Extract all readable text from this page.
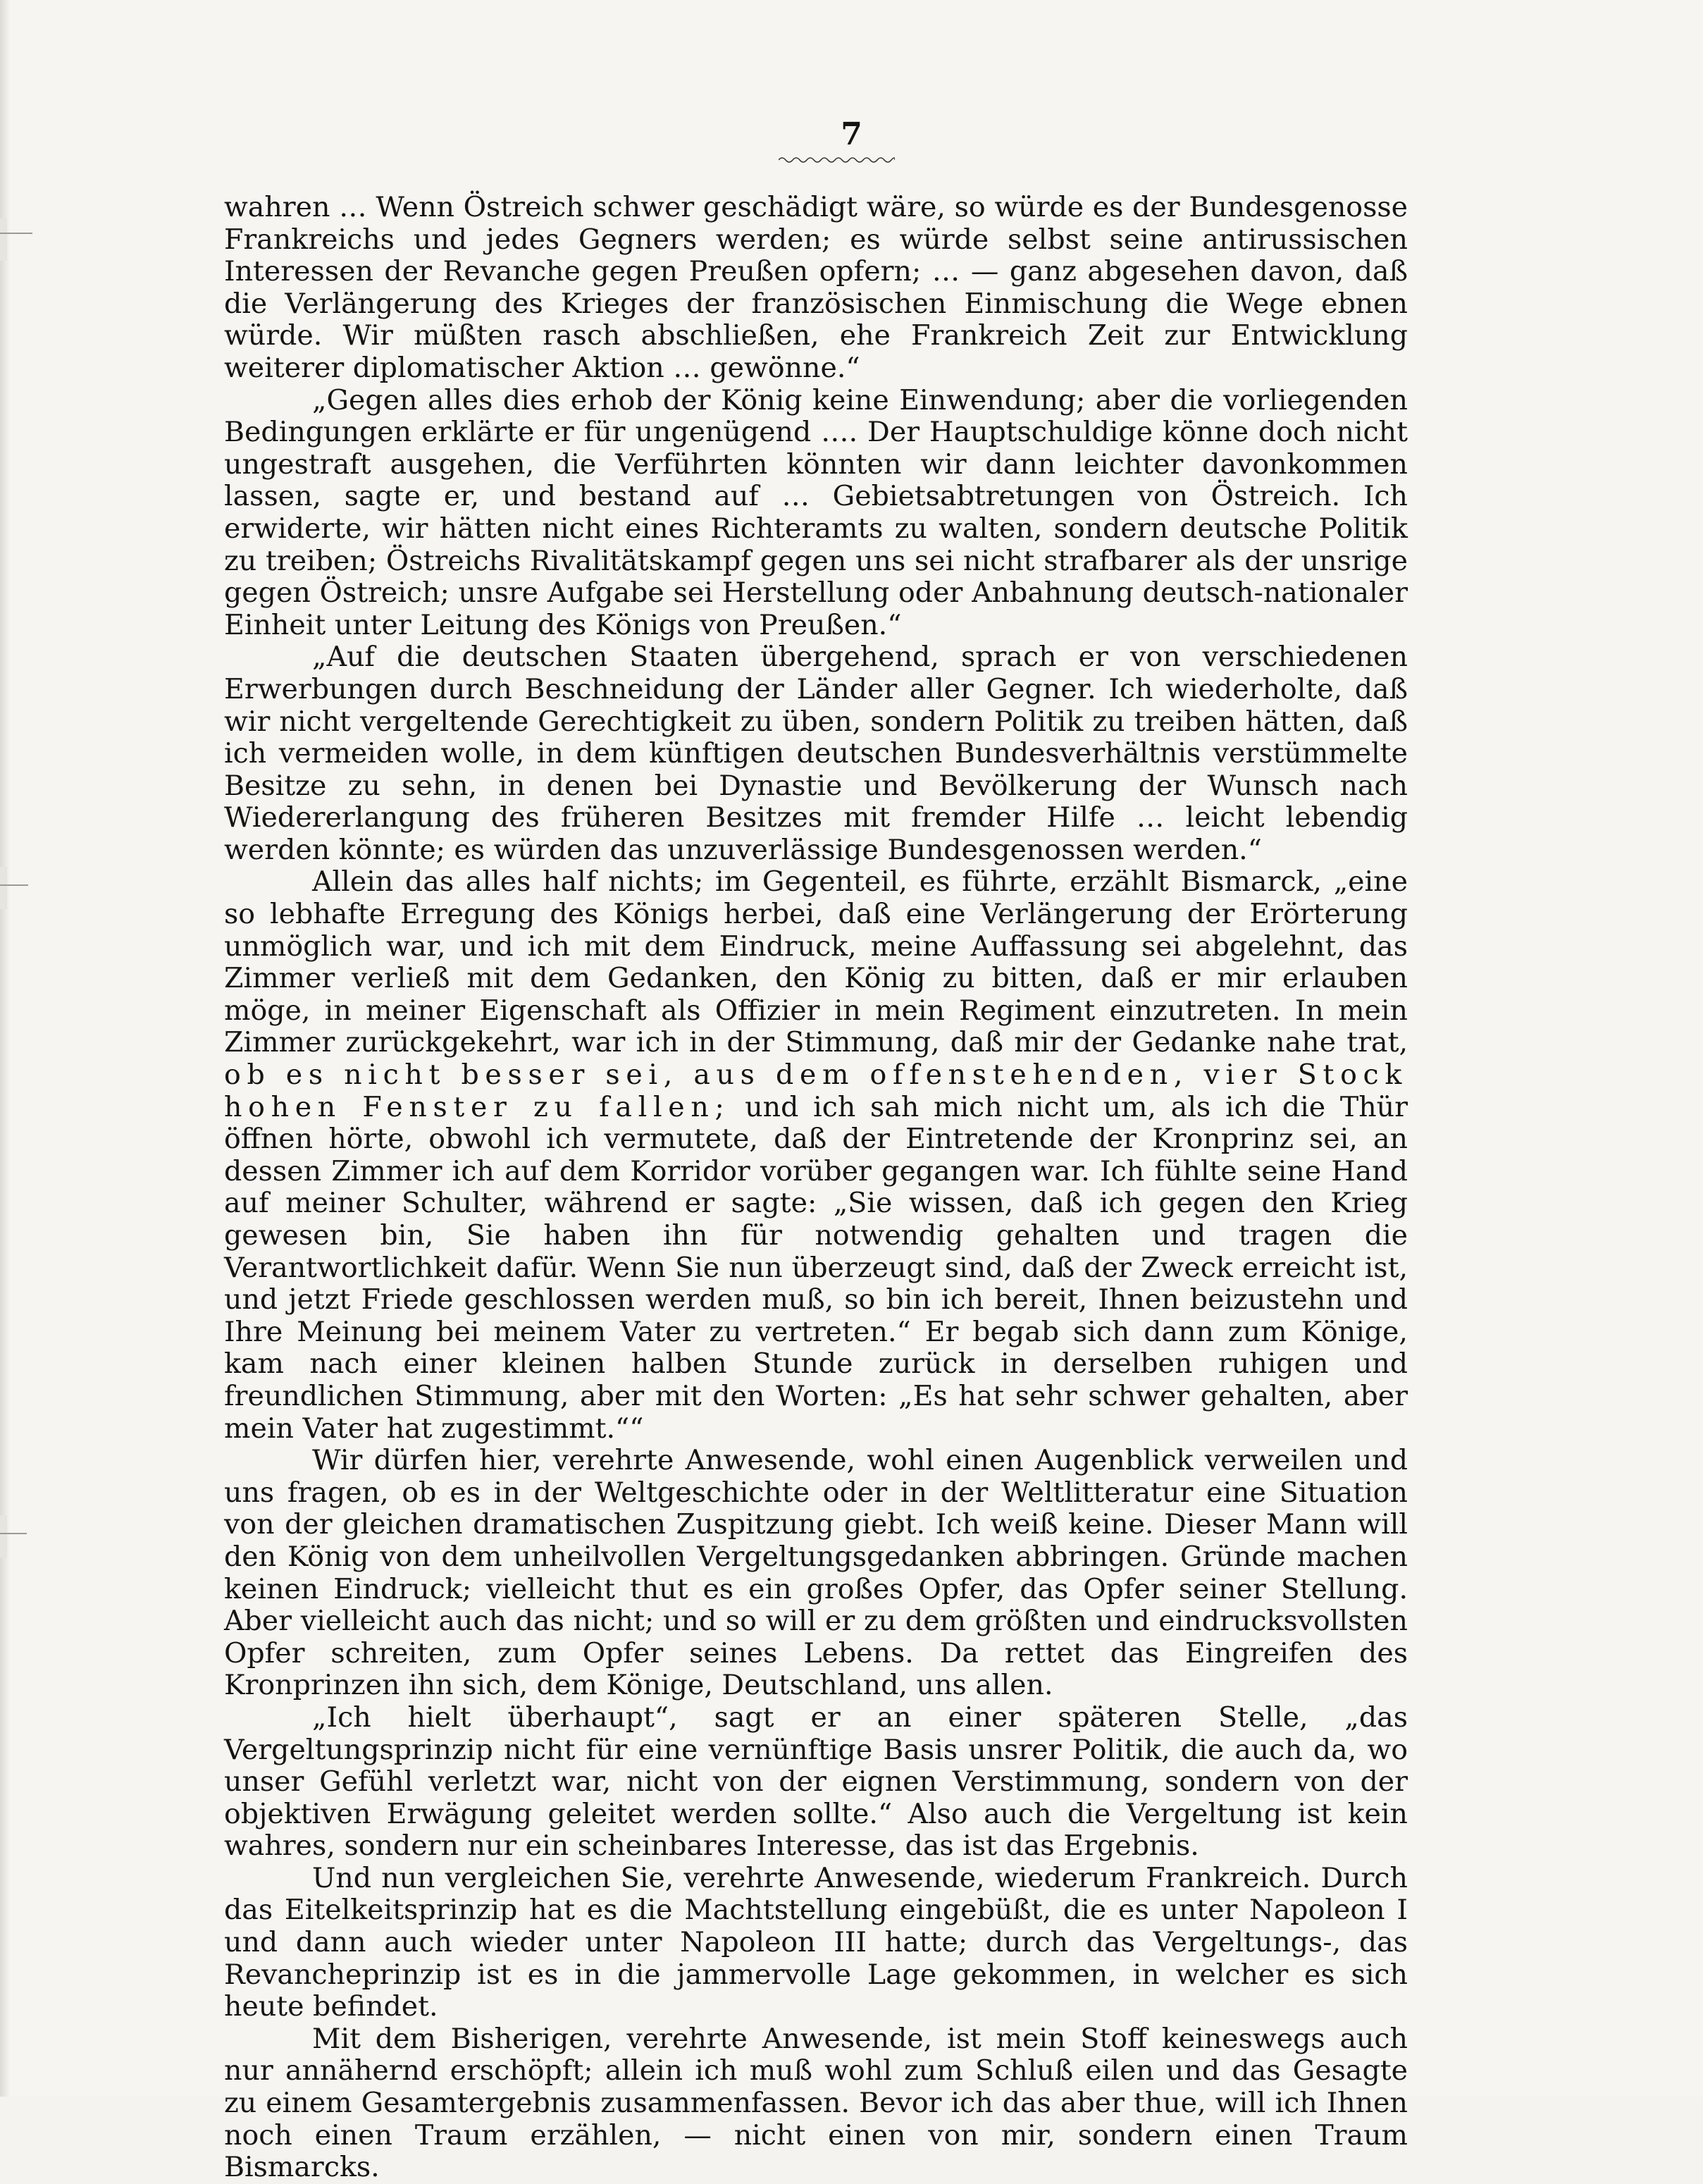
7

wahren … Wenn Östreich schwer geschädigt wäre, so würde es der Bundesgenosse Frankreichs und jedes Gegners werden; es würde selbst seine antirussischen Interessen der Revanche gegen Preußen opfern; … — ganz abgesehen davon, daß die Verlängerung des Krieges der französischen Einmischung die Wege ebnen würde. Wir müßten rasch abschließen, ehe Frankreich Zeit zur Entwicklung weiterer diplomatischer Aktion … gewönne.“

„Gegen alles dies erhob der König keine Einwendung; aber die vorliegenden Bedingungen erklärte er für ungenügend …. Der Hauptschuldige könne doch nicht ungestraft ausgehen, die Verführten könnten wir dann leichter davonkommen lassen, sagte er, und bestand auf … Gebietsabtretungen von Östreich. Ich erwiderte, wir hätten nicht eines Richteramts zu walten, sondern deutsche Politik zu treiben; Östreichs Rivalitätskampf gegen uns sei nicht strafbarer als der unsrige gegen Östreich; unsre Aufgabe sei Herstellung oder Anbahnung deutsch-nationaler Einheit unter Leitung des Königs von Preußen.“

„Auf die deutschen Staaten übergehend, sprach er von verschiedenen Erwerbungen durch Beschneidung der Länder aller Gegner. Ich wiederholte, daß wir nicht vergeltende Gerechtigkeit zu üben, sondern Politik zu treiben hätten, daß ich vermeiden wolle, in dem künftigen deutschen Bundesverhältnis verstümmelte Besitze zu sehn, in denen bei Dynastie und Bevölkerung der Wunsch nach Wiedererlangung des früheren Besitzes mit fremder Hilfe … leicht lebendig werden könnte; es würden das unzuverlässige Bundesgenossen werden.“

Allein das alles half nichts; im Gegenteil, es führte, erzählt Bismarck, „eine so lebhafte Erregung des Königs herbei, daß eine Verlängerung der Erörterung unmöglich war, und ich mit dem Eindruck, meine Auffassung sei abgelehnt, das Zimmer verließ mit dem Gedanken, den König zu bitten, daß er mir erlauben möge, in meiner Eigenschaft als Offizier in mein Regiment einzutreten. In mein Zimmer zurückgekehrt, war ich in der Stimmung, daß mir der Gedanke nahe trat, ob es nicht besser sei, aus dem offenstehenden, vier Stock hohen Fenster zu fallen; und ich sah mich nicht um, als ich die Thür öffnen hörte, obwohl ich vermutete, daß der Eintretende der Kronprinz sei, an dessen Zimmer ich auf dem Korridor vorüber gegangen war. Ich fühlte seine Hand auf meiner Schulter, während er sagte: „Sie wissen, daß ich gegen den Krieg gewesen bin, Sie haben ihn für notwendig gehalten und tragen die Verantwortlichkeit dafür. Wenn Sie nun überzeugt sind, daß der Zweck erreicht ist, und jetzt Friede geschlossen werden muß, so bin ich bereit, Ihnen beizustehn und Ihre Meinung bei meinem Vater zu vertreten.“ Er begab sich dann zum Könige, kam nach einer kleinen halben Stunde zurück in derselben ruhigen und freundlichen Stimmung, aber mit den Worten: „Es hat sehr schwer gehalten, aber mein Vater hat zugestimmt.““

Wir dürfen hier, verehrte Anwesende, wohl einen Augenblick verweilen und uns fragen, ob es in der Weltgeschichte oder in der Weltlitteratur eine Situation von der gleichen dramatischen Zuspitzung giebt. Ich weiß keine. Dieser Mann will den König von dem unheilvollen Vergeltungsgedanken abbringen. Gründe machen keinen Eindruck; vielleicht thut es ein großes Opfer, das Opfer seiner Stellung. Aber vielleicht auch das nicht; und so will er zu dem größten und eindrucksvollsten Opfer schreiten, zum Opfer seines Lebens. Da rettet das Eingreifen des Kronprinzen ihn sich, dem Könige, Deutschland, uns allen.

„Ich hielt überhaupt“, sagt er an einer späteren Stelle, „das Vergeltungsprinzip nicht für eine vernünftige Basis unsrer Politik, die auch da, wo unser Gefühl verletzt war, nicht von der eignen Verstimmung, sondern von der objektiven Erwägung geleitet werden sollte.“ Also auch die Vergeltung ist kein wahres, sondern nur ein scheinbares Interesse, das ist das Ergebnis.

Und nun vergleichen Sie, verehrte Anwesende, wiederum Frankreich. Durch das Eitelkeitsprinzip hat es die Machtstellung eingebüßt, die es unter Napoleon I und dann auch wieder unter Napoleon III hatte; durch das Vergeltungs-, das Revancheprinzip ist es in die jammervolle Lage gekommen, in welcher es sich heute befindet.

Mit dem Bisherigen, verehrte Anwesende, ist mein Stoff keineswegs auch nur annähernd erschöpft; allein ich muß wohl zum Schluß eilen und das Gesagte zu einem Gesamtergebnis zusammenfassen. Bevor ich das aber thue, will ich Ihnen noch einen Traum erzählen, — nicht einen von mir, sondern einen Traum Bismarcks.
